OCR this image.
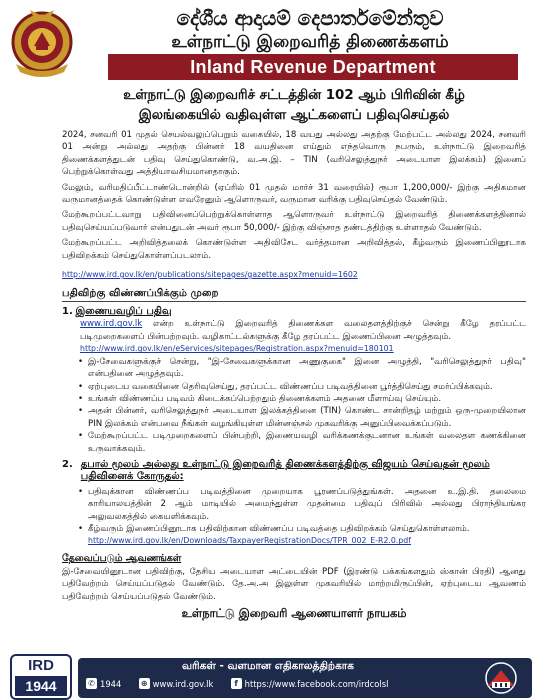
දේශීය ආදායම් දෙපාර්තමේන්තුව
உள்நாட்டு இறைவரித் திணைக்களம்
Inland Revenue Department
உள்நாட்டு இறைவரிச் சட்டத்தின் 102 ஆம் பிரிவின் கீழ்
இலங்கையில் வதிவுள்ள ஆட்களைப் பதிவுசெய்தல்

2024, சனவரி 01 முதல் செயல்வலுப்பெறும் வகையில், 18 வயது அல்லது அதற்கு மேற்பட்ட அல்லது 2024, சனவரி 01 அன்று அல்லது அதற்கு பின்னர் 18 வயதினை எய்தும் எந்தவொரு நபரும், உள்நாட்டு இறைவரித் திணைக்களத்துடன் பதிவு செய்துகொண்டு, வ.அ.இ. – TIN (வரிசெலுத்துநர் அடையாள இலக்கம்) இனைப் பெற்றுக்கொள்வது அத்தியாவசியமானதாகும்.

மேலும், வரிமதிப்பீட்டாண்டொன்றில் (ஏப்ரில் 01 முதல் மார்ச் 31 வரையில்) ரூபா 1,200,000/- இற்கு அதிகமான வருமானத்தைக் கொண்டுள்ள எவரேனும் ஆளொருவர், வருமான வரிக்கு பதிவுசெய்தல் வேண்டும்.

மேற்கூறப்பட்டவாறு பதிவினைப்பெற்றுக்கொள்ளாத ஆளொருவர் உள்நாட்டு இறைவரித் திணைக்களத்தினால் பதிவுசெய்யப்படுவார் என்பதுடன் அவர் ரூபா 50,000/- இற்கு விஞ்சாத தண்டத்திற்கு உள்ளாதல் வேண்டும்.

மேற்கூறப்பட்ட அறிவித்தலைக் கொண்டுள்ள அதிவிசேட வர்த்தமான அறிவித்தல், கீழ்வரும் இணைப்பினூடாக பதிவிறக்கம் செய்துகொள்ளப்படலாம்.

http://www.ird.gov.lk/en/publications/sitepages/gazette.aspx?menuid=1602
பதிவிற்கு விண்ணப்பிக்கும் முறை
1. இணையவழிப் பதிவு
www.ird.gov.lk என்ற உள்நாட்டு இறைவரித் திணைக்கள வலைதளத்திற்குச் சென்று கீழே தரப்பட்ட படிமுறைகளைப் பின்பற்றவும். வழிகாட்டல்களுக்கு கீழே தரப்பட்ட இணைப்பினை அழுத்தவும்.
http://www.ird.gov.lk/en/eServices/sitepages/Registration.aspx?menuid=180101
• இ-சேவைகளுக்குச் சென்று, "இ-சேவைகளுக்கான அணுகுகை" இனை அழுத்தி, "வரிசெலுத்துநர் பதிவு" என்பதினை அழுத்தவும்.
• ஏற்புடைய வகையினை தெரிவுசெய்து, தரப்பட்ட விண்ணப்ப படிவத்தினை பூர்த்திசெய்து சமர்ப்பிக்கவும்.
• உங்கள் விண்ணப்ப படிவம் கிடைக்கப்பெற்றதும் திணைக்களம் அதனை மீளாய்வு செய்யும்.
• அதன் பின்னர், வரிசெலுத்துநர் அடையாள இலக்கத்தினை (TIN) கொண்ட சான்றிதழ் மற்றும் ஒரு-முறையிலான PIN இலக்கம் என்பவை நீங்கள் வழங்கியுள்ள மின்னஞ்சல் முகவரிக்கு அனுப்பிவைக்கப்படும்.
• மேற்கூறப்பட்ட படிமுறைகளைப் பின்பற்றி, இணையவழி வரிக்கணக்குடனான உங்கள் வலைதள கணக்கினை உருவாக்கவும்.
2. தபால் மூலம் அல்லது உள்நாட்டு இறைவரித் திணைக்களத்திற்கு விஜயம் செய்வதன் மூலம் பதிவினைக் கோருதல்:
• பதிவுக்கான விண்ணப்ப படிவத்தினை முறையாக பூரணப்படுத்துங்கள். அதனை உ.இ.தி. தலைமை காரியாலயத்தின் 2 ஆம் மாடியில் அமைந்துள்ள முதன்மை பதிவுப் பிரிவில் அல்லது பிராந்தியங்கர அலுவலகத்தில் கையளிக்கவும்.
• கீழ்வரும் இணைப்பினூடாக பதிவிற்கான விண்ணப்ப படிவத்தை பதிவிறக்கம் செய்துகொள்ளலாம்.
http://www.ird.gov.lk/en/Downloads/TaxpayerRegistrationDocs/TPR_002_E-R2.0.pdf
தேவைப்படும் ஆவணங்கள்

இ-சேவையினூடான பதிவிற்கு, தேசிய அடையாள அட்டையின் PDF (இரண்டு பக்கங்களதும் ஸ்கான் பிரதி) ஆனது பதிவேற்றம் செய்யப்படுதல் வேண்டும். தே.அ.அ இலுள்ள முகவரியில் மாற்றமிருப்பின், ஏற்புடைய ஆவணம் பதிவேற்றம் செய்யப்படுதல் வேண்டும்.

உள்நாட்டு இறைவரி ஆணையாளர் நாயகம்
IRD
1944
வரிகள் - வளமான எதிகாலத்திற்காக
✆ 1944 ⊕ www.ird.gov.lk	f https://www.facebook.com/irdcolsl
